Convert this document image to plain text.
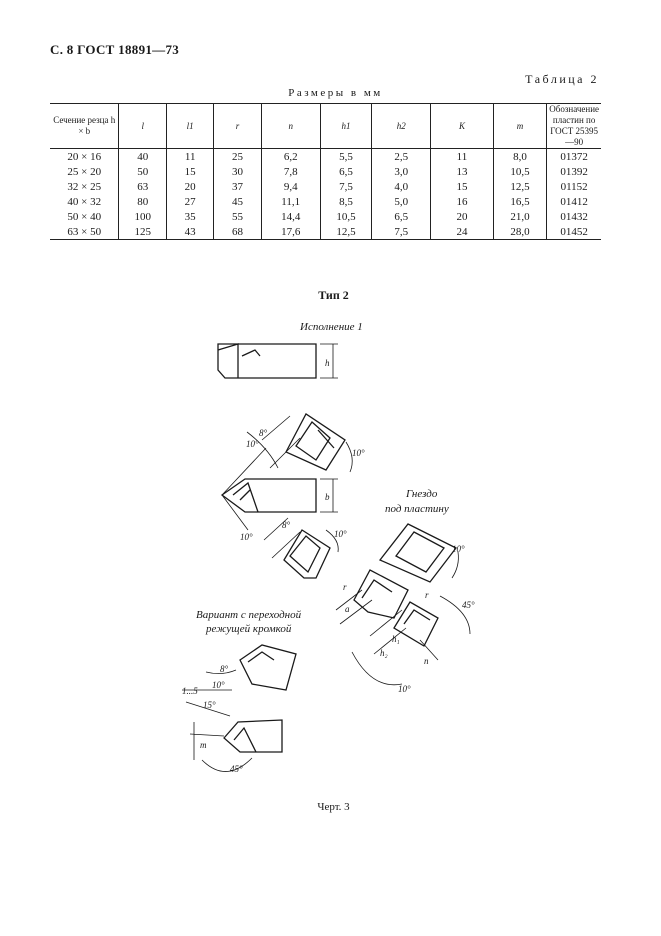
С. 8 ГОСТ 18891—73
Таблица 2
Размеры в мм
Сечение резца h × b	l	l1	r	n	h1	h2	K	m	Обозначение пластин по ГОСТ 25395—90
20 × 16	40	11	25	6,2	5,5	2,5	11	8,0	01372
25 × 20	50	15	30	7,8	6,5	3,0	13	10,5	01392
32 × 25	63	20	37	9,4	7,5	4,0	15	12,5	01152
40 × 32	80	27	45	11,1	8,5	5,0	16	16,5	01412
50 × 40	100	35	55	14,4	10,5	6,5	20	21,0	01432
63 × 50	125	43	68	17,6	12,5	7,5	24	28,0	01452
Тип 2
Исполнение 1
Гнездо
под пластину
Вариант с переходной
режущей кромкой
h
b
8°
10°
10°
10°
8°
10°
10°
r
a
r
45°
h₁
h₂
n
10°
8°
10°
1...5
15°
m
45°
Черт. 3
